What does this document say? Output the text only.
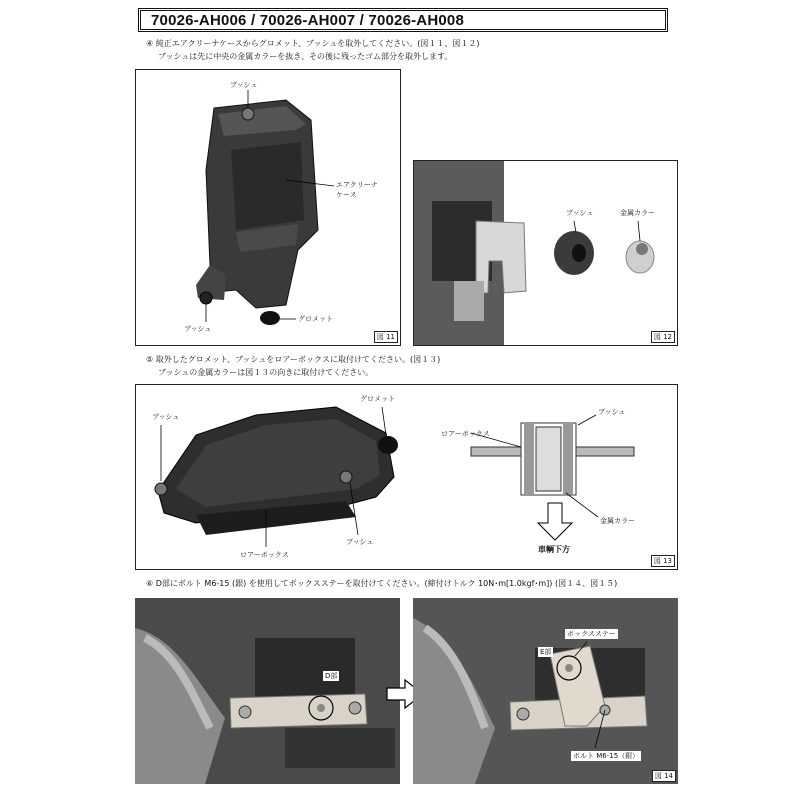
70026-AH006 / 70026-AH007 / 70026-AH008
④ 純正エアクリーナケースからグロメット、ブッシュを取外してください。(図１１、図１２)
ブッシュは先に中央の金属カラーを抜き、その後に残ったゴム部分を取外します。
ブッシュ
エアクリーナ
ケース
ブッシュ
グロメット
図 11
ブッシュ	金属カラー
図 12
⑤ 取外したグロメット、ブッシュをロアーボックスに取付けてください。(図１３)
ブッシュの金属カラーは図１３の向きに取付けてください。
ブッシュ
グロメット
ロアーボックス
ブッシュ
ロアーボックス
ブッシュ
金属カラー
車輌下方
図 13
⑥ D部にボルト M6-15 (銀) を使用してボックスステーを取付けてください。(締付けトルク 10N･m[1.0kgf･m]) (図１４、図１５)
D部
ボックスステー
E部
ボルト M6-15（銀）
図 14
